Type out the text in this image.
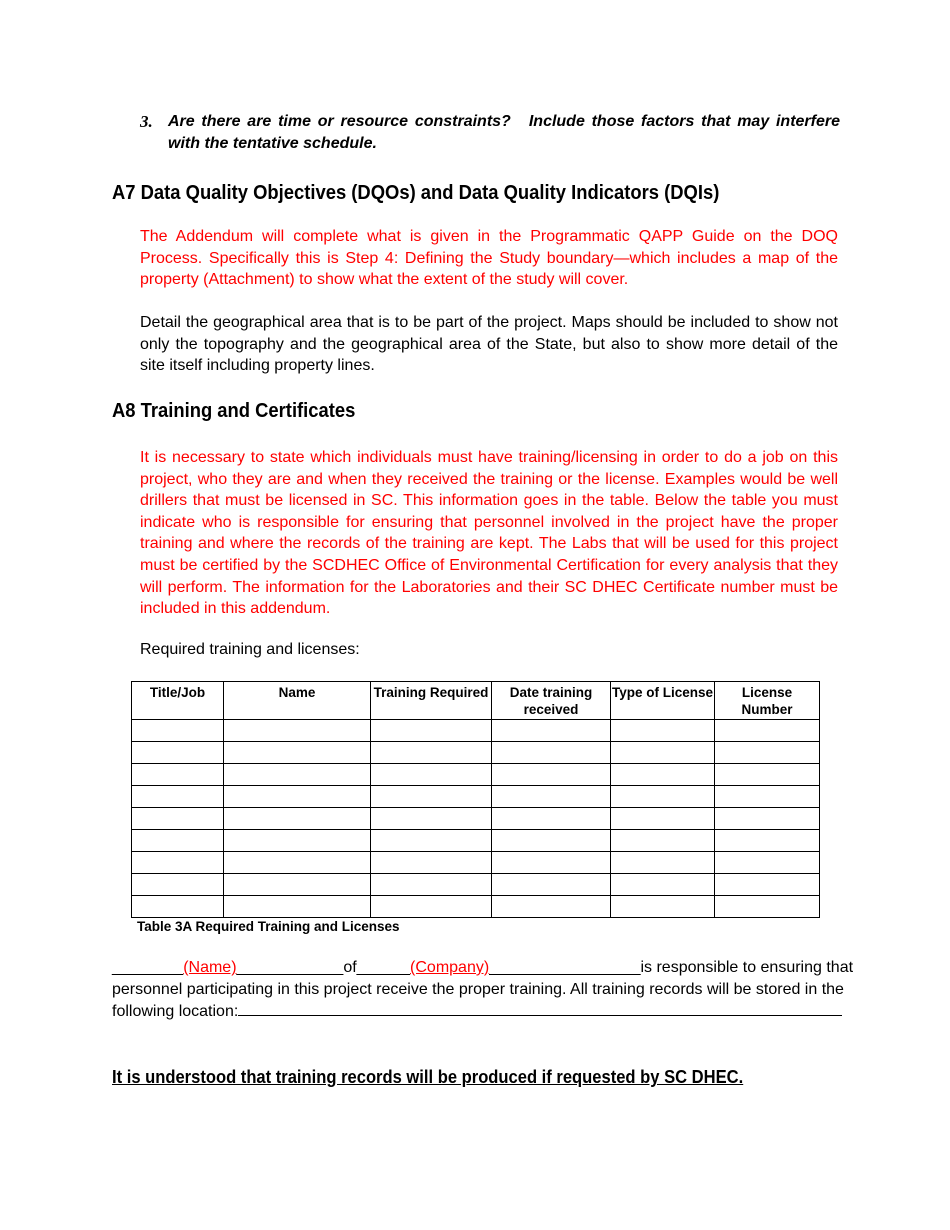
3. Are there are time or resource constraints? Include those factors that may interfere with the tentative schedule.
A7 Data Quality Objectives (DQOs) and Data Quality Indicators (DQIs)

The Addendum will complete what is given in the Programmatic QAPP Guide on the DOQ Process. Specifically this is Step 4: Defining the Study boundary—which includes a map of the property (Attachment) to show what the extent of the study will cover.

Detail the geographical area that is to be part of the project. Maps should be included to show not only the topography and the geographical area of the State, but also to show more detail of the site itself including property lines.

A8 Training and Certificates

It is necessary to state which individuals must have training/licensing in order to do a job on this project, who they are and when they received the training or the license. Examples would be well drillers that must be licensed in SC. This information goes in the table. Below the table you must indicate who is responsible for ensuring that personnel involved in the project have the proper training and where the records of the training are kept. The Labs that will be used for this project must be certified by the SCDHEC Office of Environmental Certification for every analysis that they will perform. The information for the Laboratories and their SC DHEC Certificate number must be included in this addendum.

Required training and licenses:
Title/Job	Name	Training Required	Date training received	Type of License	License Number

Table 3A Required Training and Licenses
________(Name)____________ of ______(Company)_________________ is responsible to ensuring that
personnel participating in this project receive the proper training. All training records will be stored in the
following location:
It is understood that training records will be produced if requested by SC DHEC.
